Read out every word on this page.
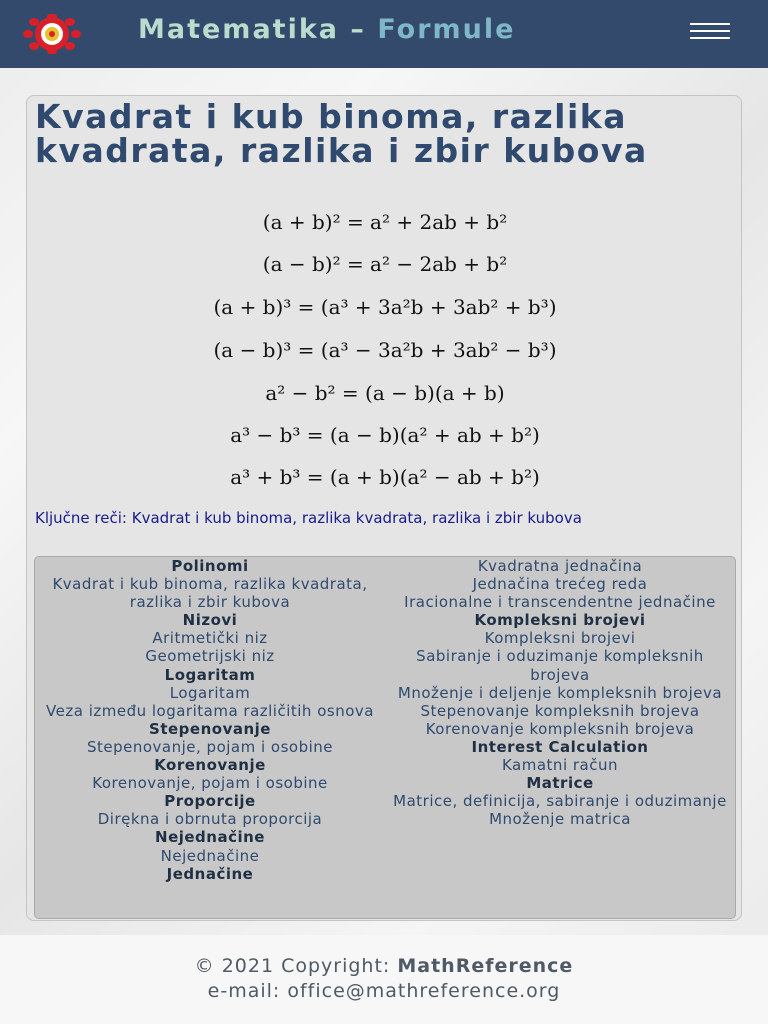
Matematika – Formule
Kvadrat i kub binoma, razlika kvadrata, razlika i zbir kubova
(a + b)² = a² + 2ab + b²
(a − b)² = a² − 2ab + b²
(a + b)³ = (a³ + 3a²b + 3ab² + b³)
(a − b)³ = (a³ − 3a²b + 3ab² − b³)
a² − b² = (a − b)(a + b)
a³ − b³ = (a − b)(a² + ab + b²)
a³ + b³ = (a + b)(a² − ab + b²)
Ključne reči: Kvadrat i kub binoma, razlika kvadrata, razlika i zbir kubova
Polinomi
Kvadrat i kub binoma, razlika kvadrata, razlika i zbir kubova
Nizovi
Aritmetički niz
Geometrijski niz
Logaritam
Logaritam
Veza između logaritama različitih osnova
Stepenovanje
Stepenovanje, pojam i osobine
Korenovanje
Korenovanje, pojam i osobine
Proporcije
Dirękna i obrnuta proporcija
Nejednačine
Nejednačine
Jednačine
Kvadratna jednačina
Jednačina trećeg reda
Iracionalne i transcendentne jednačine
Kompleksni brojevi
Kompleksni brojevi
Sabiranje i oduzimanje kompleksnih brojeva
Množenje i deljenje kompleksnih brojeva
Stepenovanje kompleksnih brojeva
Korenovanje kompleksnih brojeva
Interest Calculation
Kamatni račun
Matrice
Matrice, definicija, sabiranje i oduzimanje
Množenje matrica
© 2021 Copyright: MathReference
e-mail: office@mathreference.org
